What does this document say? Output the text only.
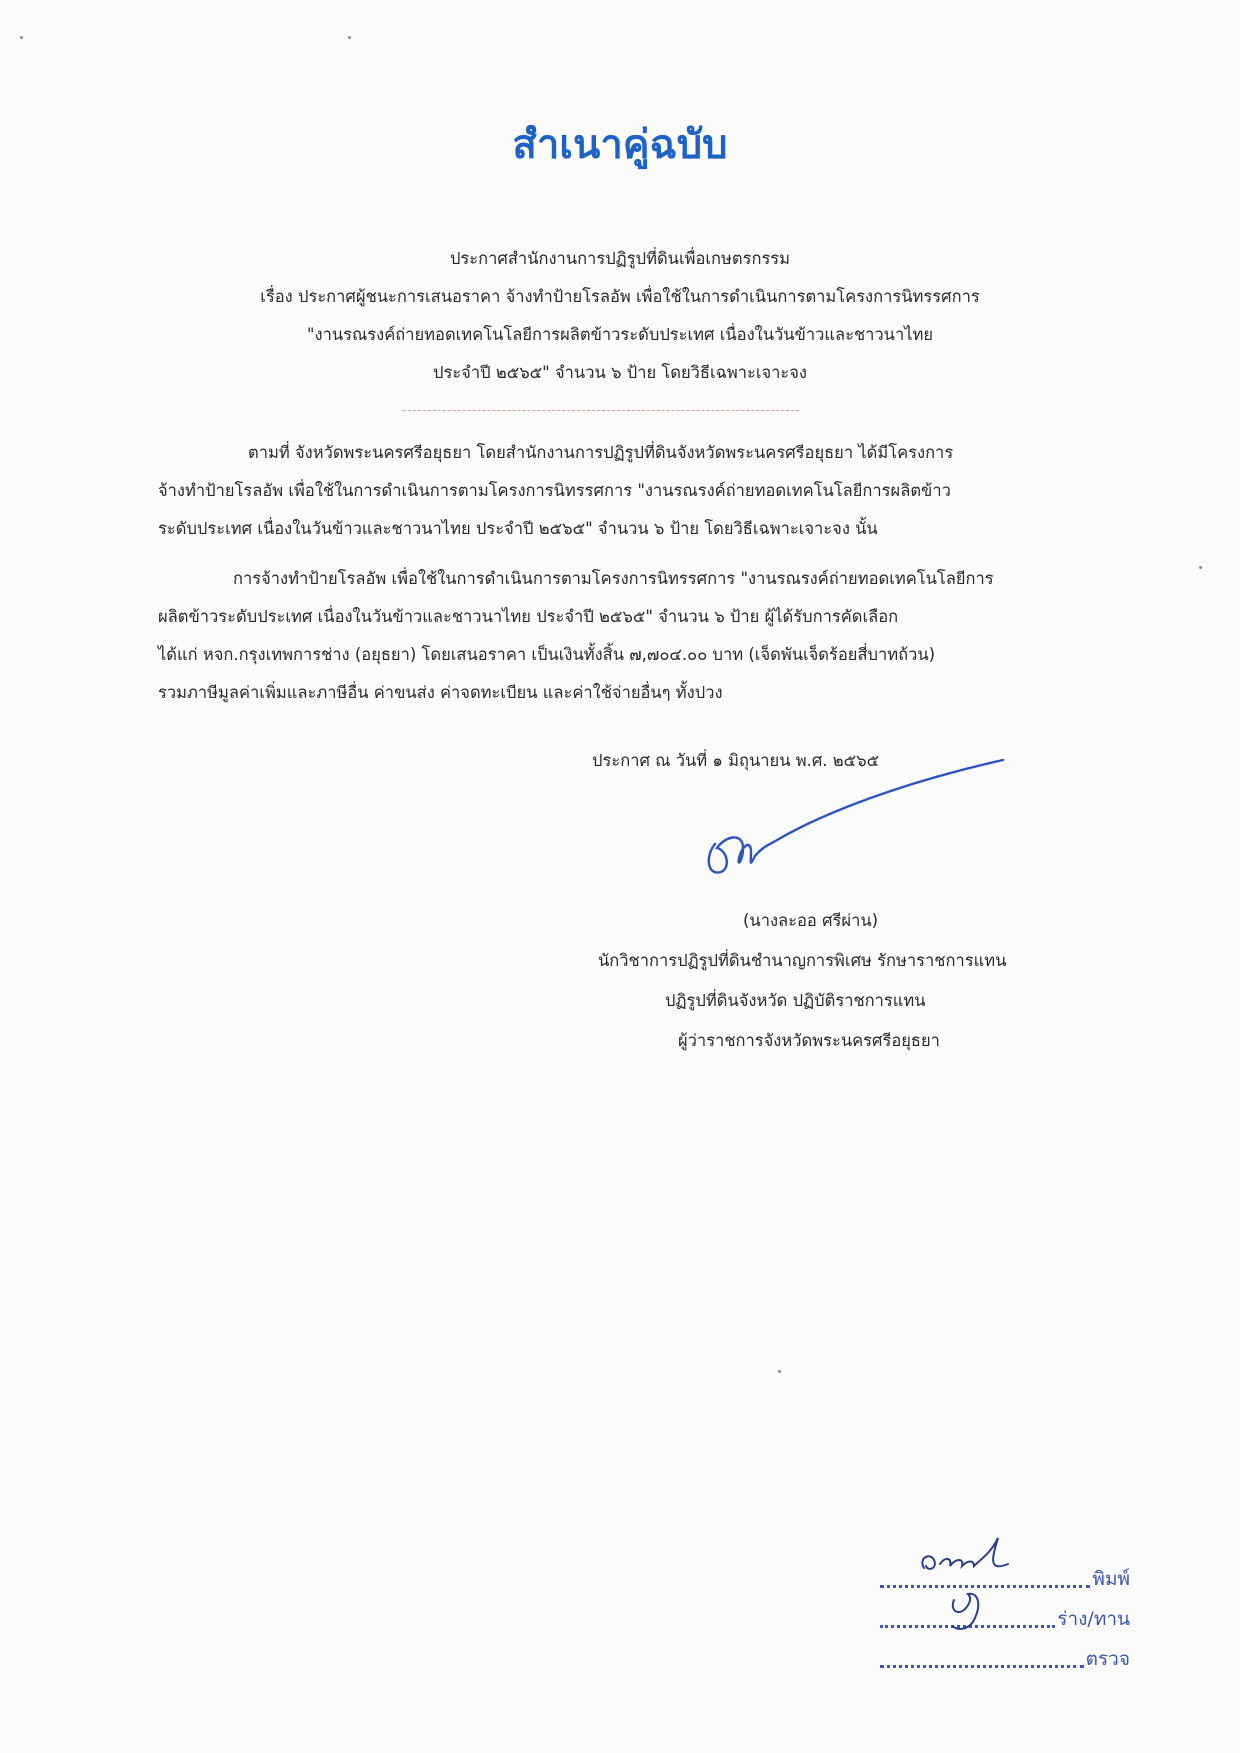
สำเนาคู่ฉบับ
ประกาศสำนักงานการปฏิรูปที่ดินเพื่อเกษตรกรรม
เรื่อง ประกาศผู้ชนะการเสนอราคา จ้างทำป้ายโรลอัพ เพื่อใช้ในการดำเนินการตามโครงการนิทรรศการ
"งานรณรงค์ถ่ายทอดเทคโนโลยีการผลิตข้าวระดับประเทศ เนื่องในวันข้าวและชาวนาไทย
ประจำปี ๒๕๖๕" จำนวน ๖ ป้าย โดยวิธีเฉพาะเจาะจง
ตามที่ จังหวัดพระนครศรีอยุธยา โดยสำนักงานการปฏิรูปที่ดินจังหวัดพระนครศรีอยุธยา ได้มีโครงการ
จ้างทำป้ายโรลอัพ เพื่อใช้ในการดำเนินการตามโครงการนิทรรศการ "งานรณรงค์ถ่ายทอดเทคโนโลยีการผลิตข้าว
ระดับประเทศ เนื่องในวันข้าวและชาวนาไทย ประจำปี ๒๕๖๕" จำนวน ๖ ป้าย โดยวิธีเฉพาะเจาะจง นั้น
การจ้างทำป้ายโรลอัพ เพื่อใช้ในการดำเนินการตามโครงการนิทรรศการ "งานรณรงค์ถ่ายทอดเทคโนโลยีการ
ผลิตข้าวระดับประเทศ เนื่องในวันข้าวและชาวนาไทย ประจำปี ๒๕๖๕" จำนวน ๖ ป้าย ผู้ได้รับการคัดเลือก
ได้แก่ หจก.กรุงเทพการช่าง (อยุธยา) โดยเสนอราคา เป็นเงินทั้งสิ้น ๗,๗๐๔.๐๐ บาท (เจ็ดพันเจ็ดร้อยสี่บาทถ้วน)
รวมภาษีมูลค่าเพิ่มและภาษีอื่น ค่าขนส่ง ค่าจดทะเบียน และค่าใช้จ่ายอื่นๆ ทั้งปวง
ประกาศ ณ วันที่ ๑ มิถุนายน พ.ศ. ๒๕๖๕
(นางละออ ศรีผ่าน)
นักวิชาการปฏิรูปที่ดินชำนาญการพิเศษ รักษาราชการแทน
ปฏิรูปที่ดินจังหวัด ปฏิบัติราชการแทน
ผู้ว่าราชการจังหวัดพระนครศรีอยุธยา
พิมพ์
ร่าง/ทาน
ตรวจ
